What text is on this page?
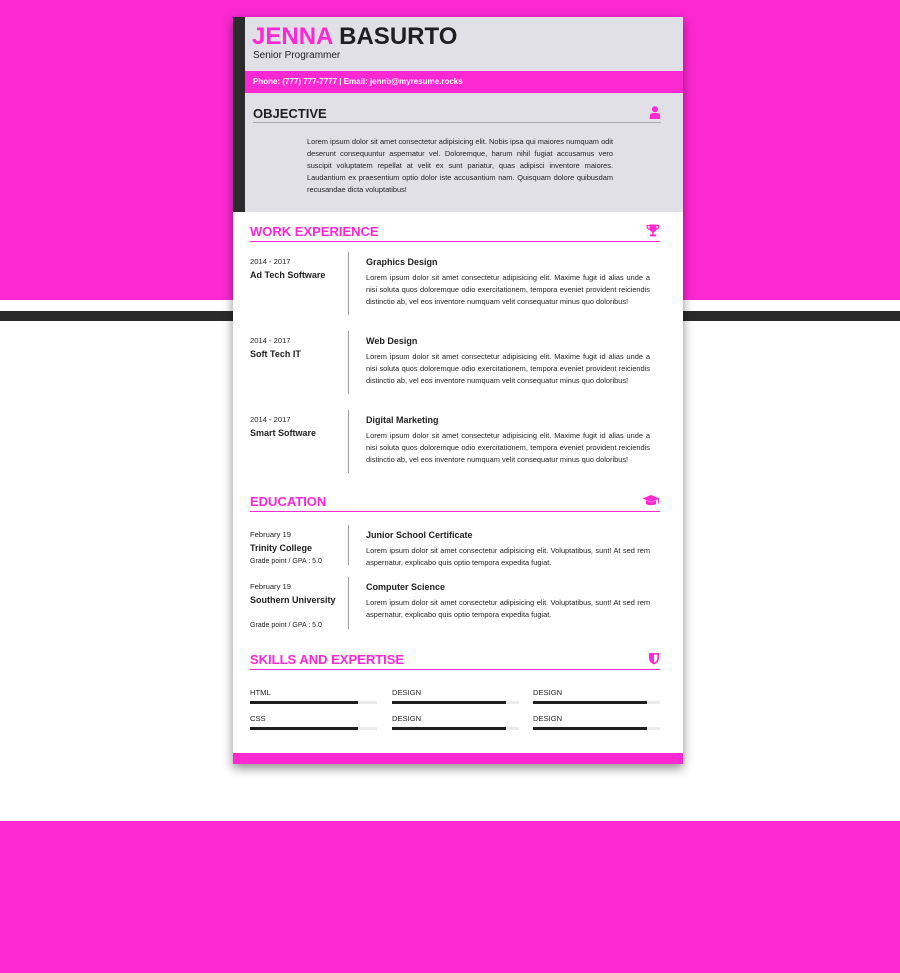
JENNA BASURTO
Senior Programmer
Phone: (777) 777-7777 | Email: jennb@myresume.rocks
OBJECTIVE
Lorem ipsum dolor sit amet consectetur adipisicing elit. Nobis ipsa qui maiores numquam odit deserunt consequuntur aspernatur vel. Doloremque, harum nihil fugiat accusamus vero suscipit voluptatem repellat at velit ex sunt pariatur, quas adipisci inventore maiores. Laudantium ex praesentium optio dolor iste accusantium nam. Quisquam dolore quibusdam recusandae dicta voluptatibus!
WORK EXPERIENCE
2014 - 2017
Ad Tech Software
Graphics Design
Lorem ipsum dolor sit amet consectetur adipisicing elit. Maxime fugit id alias unde a nisi soluta quos doloremque odio exercitationem, tempora eveniet provident reiciendis distinctio ab, vel eos inventore numquam velit consequatur minus quo doloribus!
2014 - 2017
Soft Tech IT
Web Design
Lorem ipsum dolor sit amet consectetur adipisicing elit. Maxime fugit id alias unde a nisi soluta quos doloremque odio exercitationem, tempora eveniet provident reiciendis distinctio ab, vel eos inventore numquam velit consequatur minus quo doloribus!
2014 - 2017
Smart Software
Digital Marketing
Lorem ipsum dolor sit amet consectetur adipisicing elit. Maxime fugit id alias unde a nisi soluta quos doloremque odio exercitationem, tempora eveniet provident reiciendis distinctio ab, vel eos inventore numquam velit consequatur minus quo doloribus!
EDUCATION
February 19
Trinity College
Grade point / GPA : 5.0
Junior School Certificate
Lorem ipsum dolor sit amet consectetur adipisicing elit. Voluptatibus, sunt! At sed rem aspernatur, explicabo quis optio tempora expedita fugiat.
February 19
Southern University
Grade point / GPA : 5.0
Computer Science
Lorem ipsum dolor sit amet consectetur adipisicing elit. Voluptatibus, sunt! At sed rem aspernatur, explicabo quis optio tempora expedita fugiat.
SKILLS AND EXPERTISE
HTML	DESIGN	DESIGN
CSS	DESIGN	DESIGN
